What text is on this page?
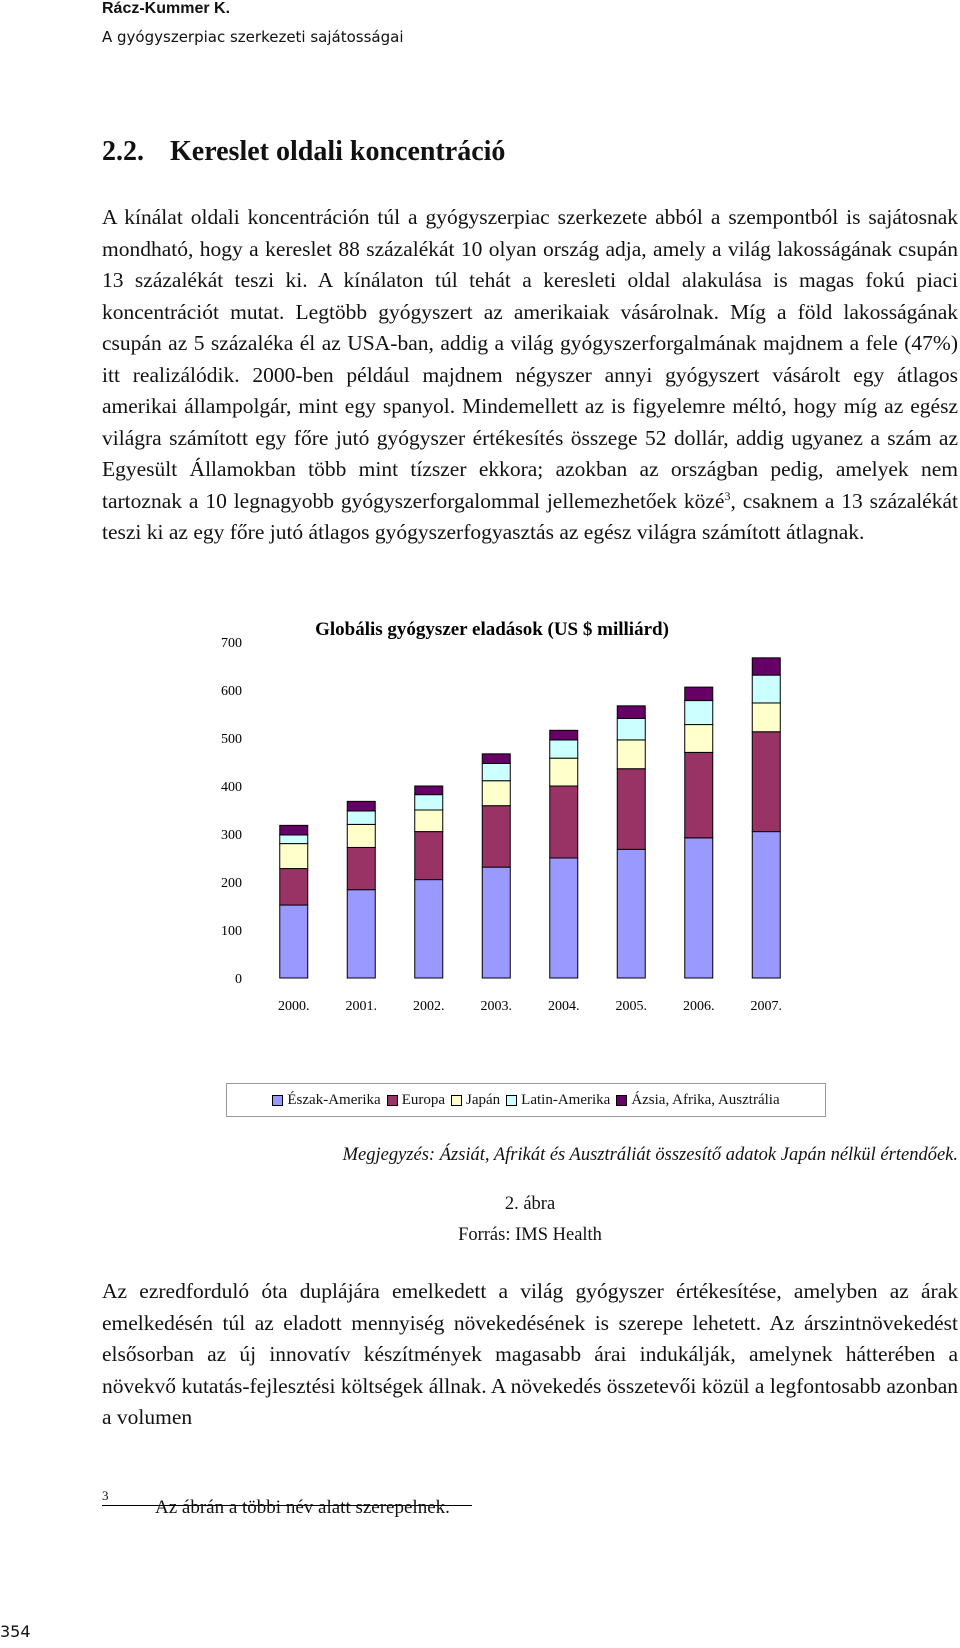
Rácz-Kummer K.
A gyógyszerpiac szerkezeti sajátosságai
2.2. Kereslet oldali koncentráció

A kínálat oldali koncentráción túl a gyógyszerpiac szerkezete abból a szempontból is sajátosnak mondható, hogy a kereslet 88 százalékát 10 olyan ország adja, amely a világ lakosságának csupán 13 százalékát teszi ki. A kínálaton túl tehát a keresleti oldal alakulása is magas fokú piaci koncentrációt mutat. Legtöbb gyógyszert az amerikaiak vásárolnak. Míg a föld lakosságának csupán az 5 százaléka él az USA-ban, addig a világ gyógyszerforgalmának majdnem a fele (47%) itt realizálódik. 2000-ben például majdnem négyszer annyi gyógyszert vásárolt egy átlagos amerikai állampolgár, mint egy spanyol. Mindemellett az is figyelemre méltó, hogy míg az egész világra számított egy főre jutó gyógyszer értékesítés összege 52 dollár, addig ugyanez a szám az Egyesült Államokban több mint tízszer ekkora; azokban az országban pedig, amelyek nem tartoznak a 10 legnagyobb gyógyszerforgalommal jellemezhetőek közé$^3$, csaknem a 13 százalékát teszi ki az egy főre jutó átlagos gyógyszerfogyasztás az egész világra számított átlagnak.

Globális gyógyszer eladások (US $ milliárd)
0
100
200
300
400
500
600
700
2000.	2001.	2002.	2003.	2004.	2005.	2006.	2007.
Észak-Amerika Europa Japán Latin-Amerika Ázsia, Afrika, Ausztrália
Megjegyzés: Ázsiát, Afrikát és Ausztráliát összesítő adatok Japán nélkül értendőek.
2. ábra
Forrás: IMS Health

Az ezredforduló óta duplájára emelkedett a világ gyógyszer értékesítése, amelyben az árak emelkedésén túl az eladott mennyiség növekedésének is szerepe lehetett. Az árszintnövekedést elsősorban az új innovatív készítmények magasabb árai indukálják, amelynek hátterében a növekvő kutatás-fejlesztési költségek állnak. A növekedés összetevői közül a legfontosabb azonban a volumen

3
Az ábrán a többi név alatt szerepelnek.
354
